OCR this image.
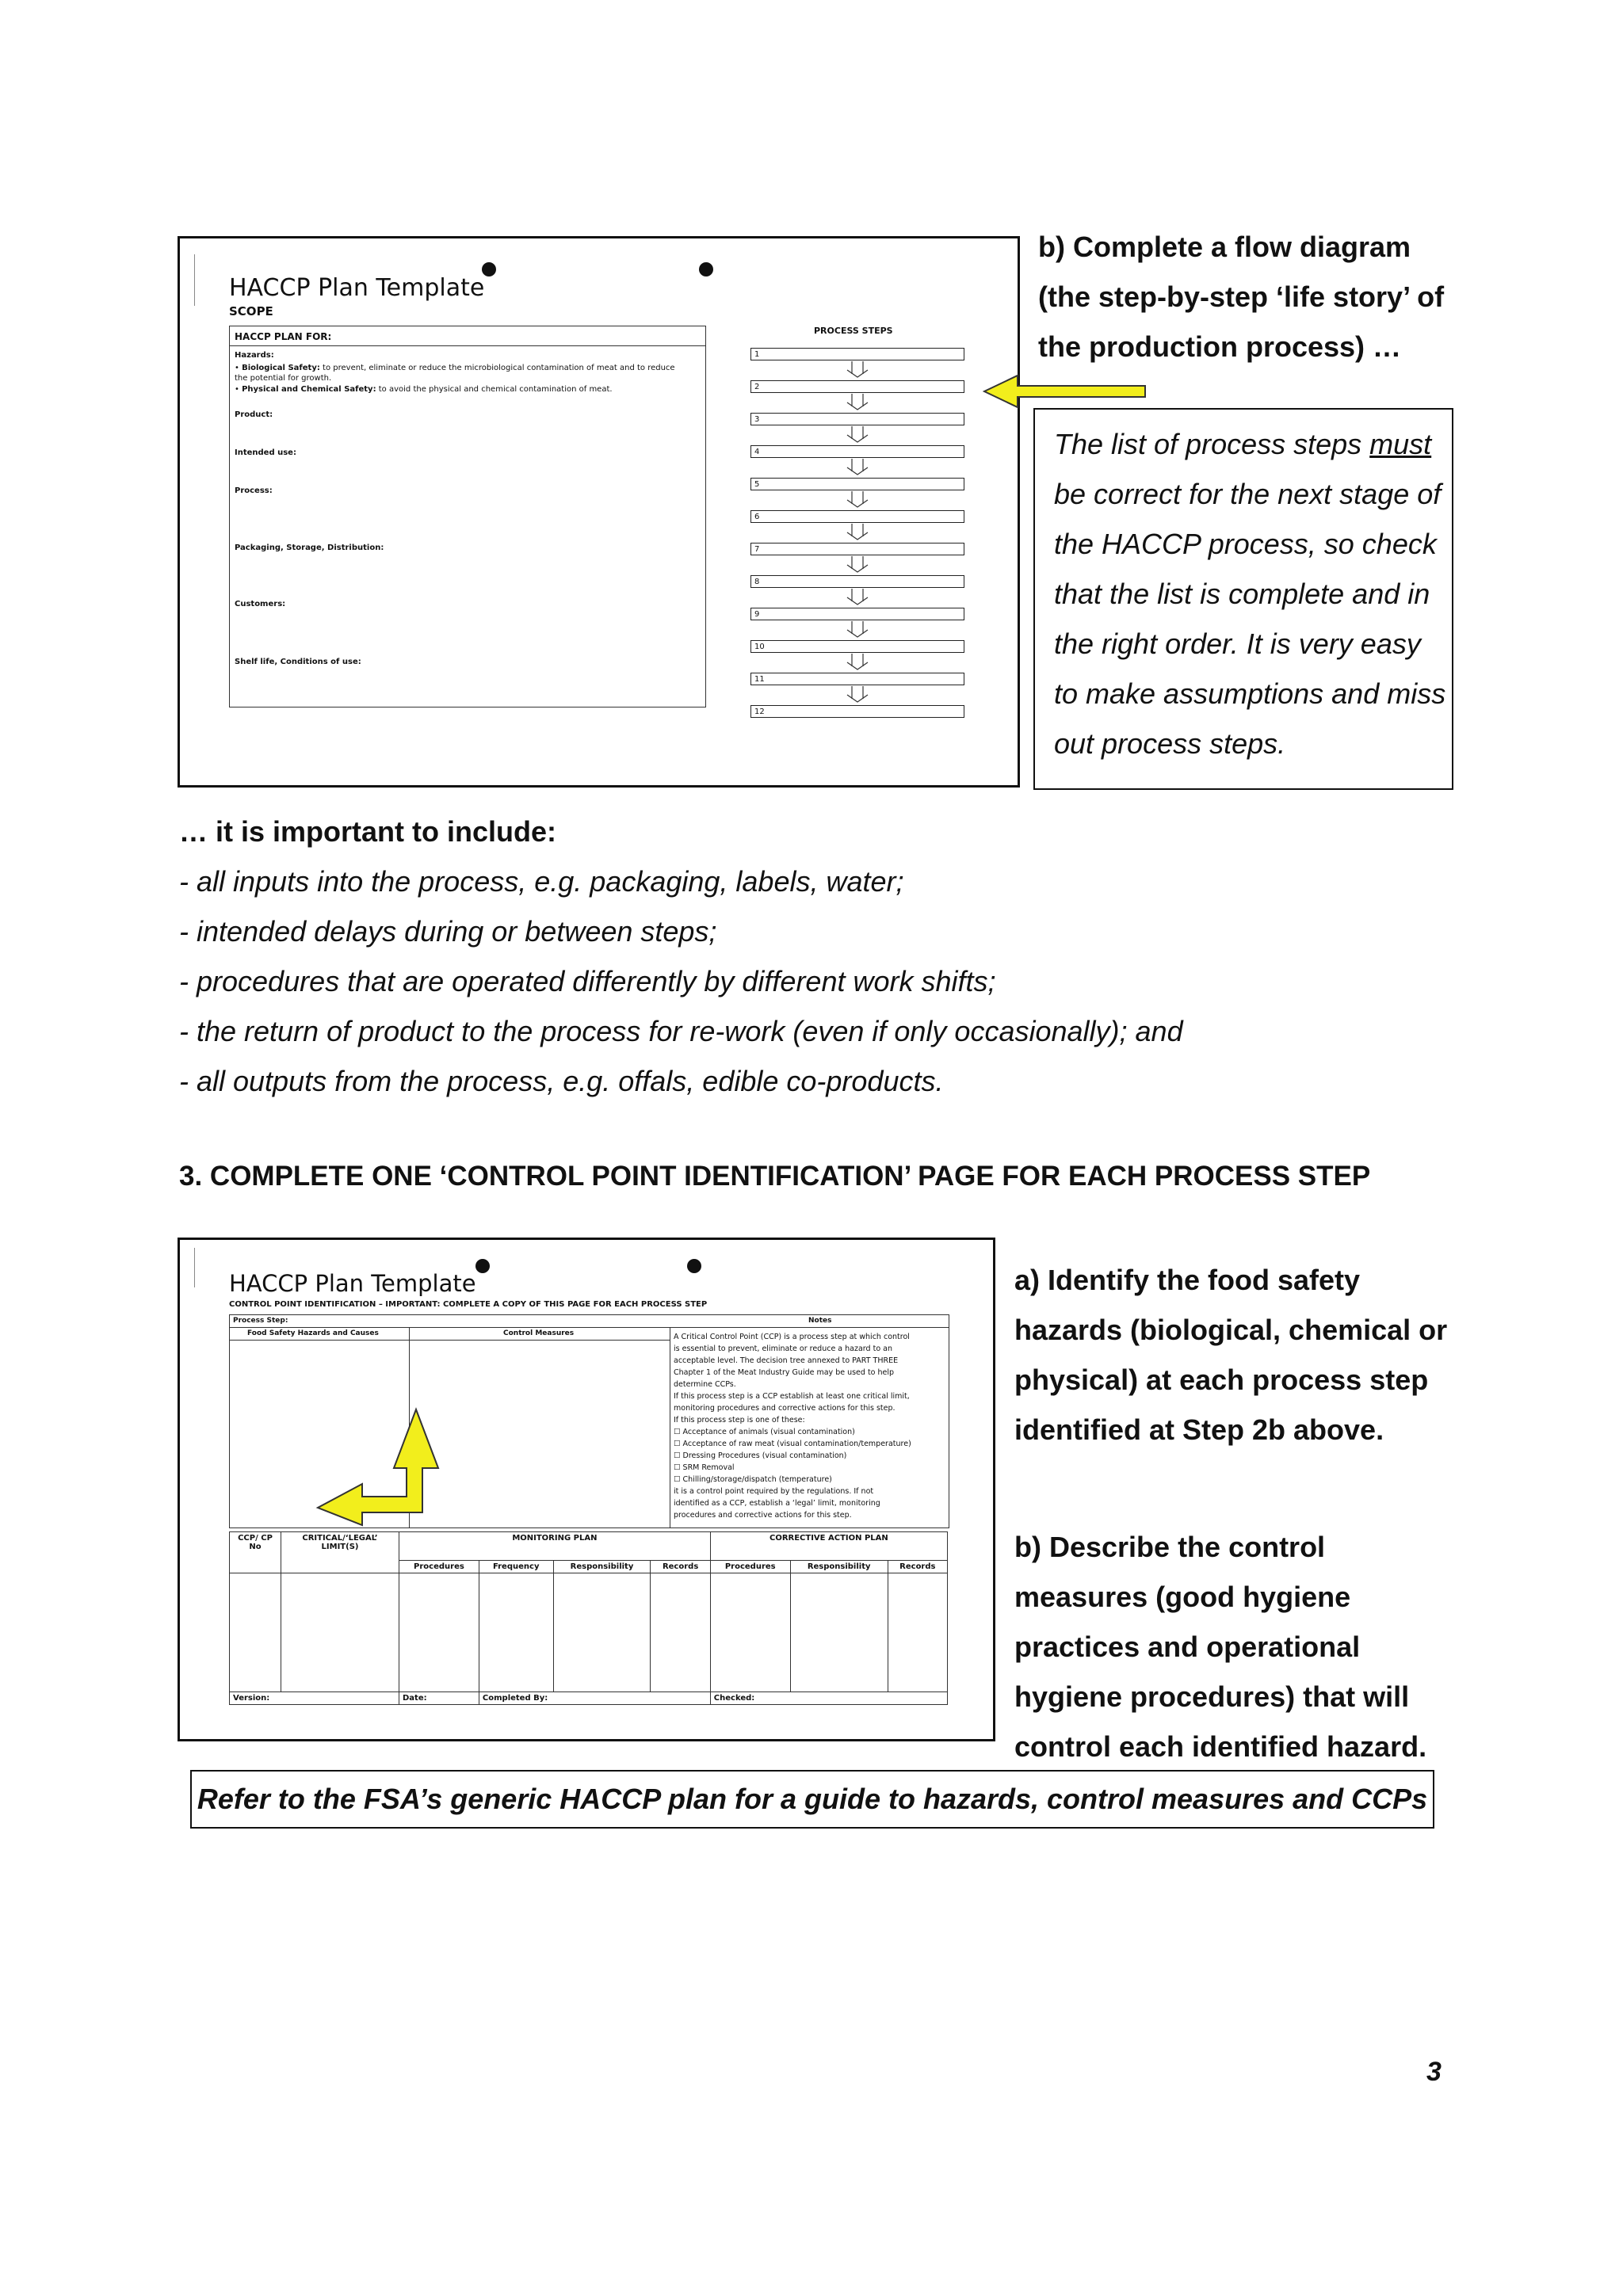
HACCP Plan Template
SCOPE
HACCP PLAN FOR:
Hazards:
• Biological Safety: to prevent, eliminate or reduce the microbiological contamination of meat and to reduce the potential for growth.
• Physical and Chemical Safety: to avoid the physical and chemical contamination of meat.
Product:
Intended use:
Process:
Packaging, Storage, Distribution:
Customers:
Shelf life, Conditions of use:
PROCESS STEPS
1
2
3
4
5
6
7
8
9
10
11
12
b) Complete a flow diagram
(the step-by-step ‘life story’ of
the production process) …
The list of process steps must
be correct for the next stage of
the HACCP process, so check
that the list is complete and in
the right order. It is very easy
to make assumptions and miss
out process steps.
… it is important to include:
- all inputs into the process, e.g. packaging, labels, water;
- intended delays during or between steps;
- procedures that are operated differently by different work shifts;
- the return of product to the process for re-work (even if only occasionally); and
- all outputs from the process, e.g. offals, edible co-products.
3. COMPLETE ONE ‘CONTROL POINT IDENTIFICATION’ PAGE FOR EACH PROCESS STEP
HACCP Plan Template
CONTROL POINT IDENTIFICATION – IMPORTANT: COMPLETE A COPY OF THIS PAGE FOR EACH PROCESS STEP
Process Step:	Notes
Food Safety Hazards and Causes	Control Measures	A Critical Control Point (CCP) is a process step at which control
is essential to prevent, eliminate or reduce a hazard to an
acceptable level. The decision tree annexed to PART THREE
Chapter 1 of the Meat Industry Guide may be used to help
determine CCPs.
If this process step is a CCP establish at least one critical limit,
monitoring procedures and corrective actions for this step.
If this process step is one of these:
☐ Acceptance of animals (visual contamination)
☐ Acceptance of raw meat (visual contamination/temperature)
☐ Dressing Procedures (visual contamination)
☐ SRM Removal
☐ Chilling/storage/dispatch (temperature)
it is a control point required by the regulations. If not
identified as a CCP, establish a ‘legal’ limit, monitoring
procedures and corrective actions for this step.
CCP/ CP No	CRITICAL/‘LEGAL’ LIMIT(S)	MONITORING PLAN				CORRECTIVE ACTION PLAN		
		Procedures	Frequency	Responsibility	Records	Procedures	Responsibility	Records

Version:		Date:	Completed By:			Checked:		
a) Identify the food safety
hazards (biological, chemical or
physical) at each process step
identified at Step 2b above.
b) Describe the control
measures (good hygiene
practices and operational
hygiene procedures) that will
control each identified hazard.
Refer to the FSA’s generic HACCP plan for a guide to hazards, control measures and CCPs
3
